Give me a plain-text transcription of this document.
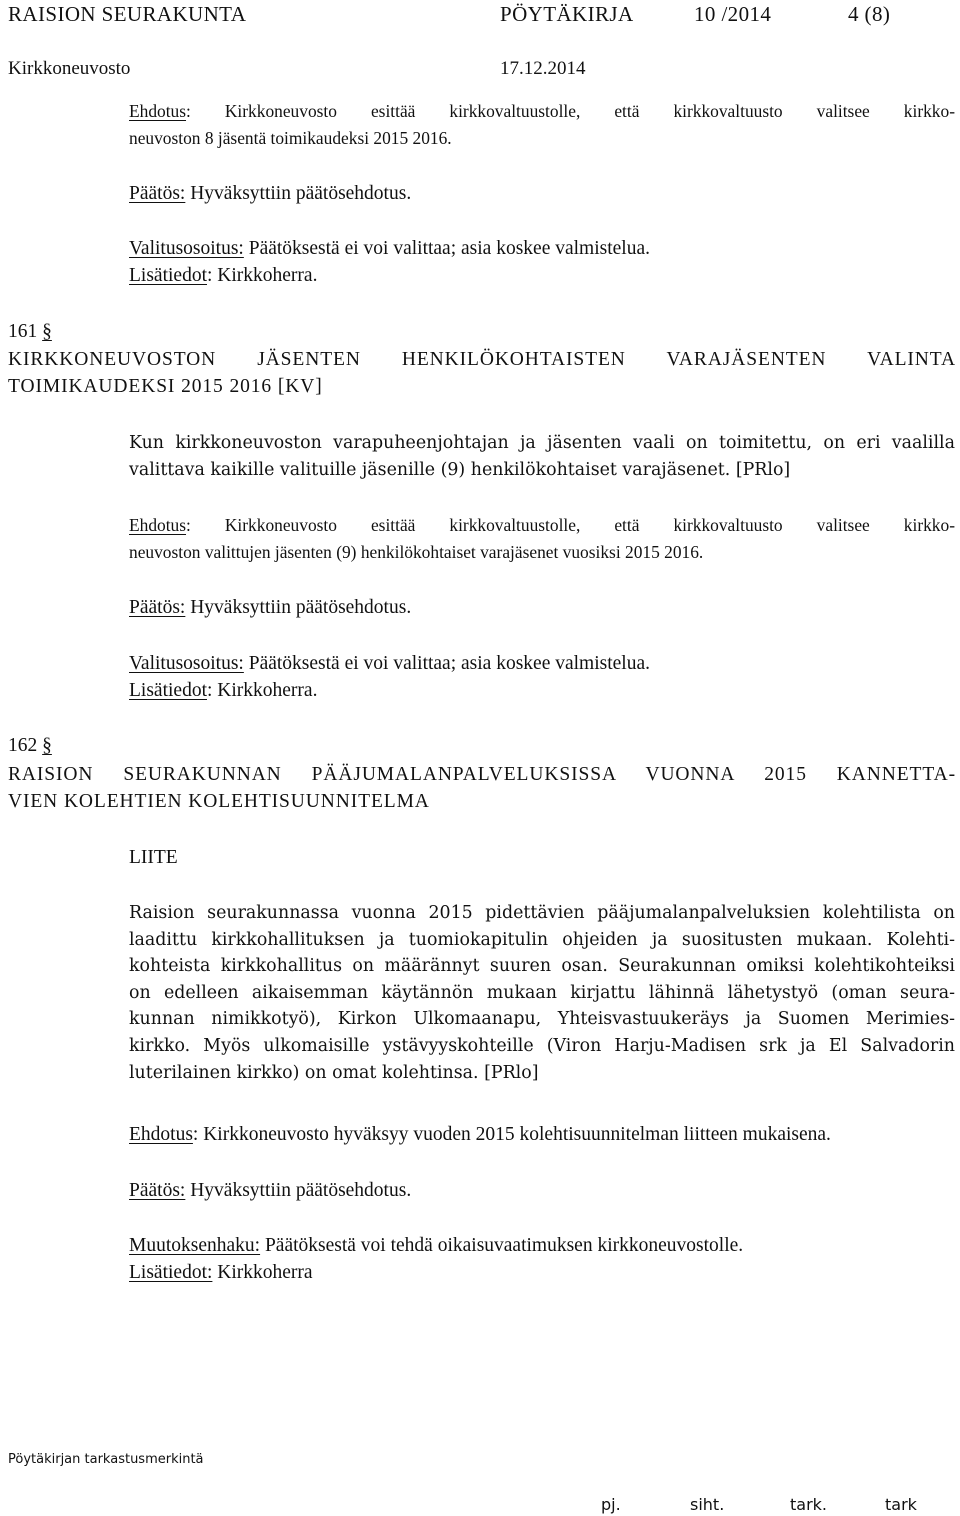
RAISION SEURAKUNTA	PÖYTÄKIRJA	10 /2014	4 (8)
Kirkkoneuvosto	17.12.2014
Ehdotus: Kirkkoneuvosto esittää kirkkovaltuustolle, että kirkkovaltuusto valitsee kirkko-
neuvoston 8 jäsentä toimikaudeksi 2015 2016.
Päätös: Hyväksyttiin päätösehdotus.
Valitusosoitus: Päätöksestä ei voi valittaa; asia koskee valmistelua.
Lisätiedot: Kirkkoherra.
161 §
KIRKKONEUVOSTON JÄSENTEN HENKILÖKOHTAISTEN VARAJÄSENTEN VALINTA
TOIMIKAUDEKSI 2015 2016 [KV]
Kun kirkkoneuvoston varapuheenjohtajan ja jäsenten vaali on toimitettu, on eri vaalilla
valittava kaikille valituille jäsenille (9) henkilökohtaiset varajäsenet. [PRlo]
Ehdotus: Kirkkoneuvosto esittää kirkkovaltuustolle, että kirkkovaltuusto valitsee kirkko-
neuvoston valittujen jäsenten (9) henkilökohtaiset varajäsenet vuosiksi 2015 2016.
Päätös: Hyväksyttiin päätösehdotus.
Valitusosoitus: Päätöksestä ei voi valittaa; asia koskee valmistelua.
Lisätiedot: Kirkkoherra.
162 §
RAISION SEURAKUNNAN PÄÄJUMALANPALVELUKSISSA VUONNA 2015 KANNETTA-
VIEN KOLEHTIEN KOLEHTISUUNNITELMA
LIITE
Raision seurakunnassa vuonna 2015 pidettävien pääjumalanpalveluksien kolehtilista on
laadittu kirkkohallituksen ja tuomiokapitulin ohjeiden ja suositusten mukaan. Kolehti-
kohteista kirkkohallitus on määrännyt suuren osan. Seurakunnan omiksi kolehtikohteiksi
on edelleen aikaisemman käytännön mukaan kirjattu lähinnä lähetystyö (oman seura-
kunnan nimikkotyö), Kirkon Ulkomaanapu, Yhteisvastuukeräys ja Suomen Merimies-
kirkko. Myös ulkomaisille ystävyyskohteille (Viron Harju-Madisen srk ja El Salvadorin
luterilainen kirkko) on omat kolehtinsa. [PRlo]
Ehdotus: Kirkkoneuvosto hyväksyy vuoden 2015 kolehtisuunnitelman liitteen mukaisena.
Päätös: Hyväksyttiin päätösehdotus.
Muutoksenhaku: Päätöksestä voi tehdä oikaisuvaatimuksen kirkkoneuvostolle.
Lisätiedot: Kirkkoherra
Pöytäkirjan tarkastusmerkintä
pj.	siht.	tark.	tark
